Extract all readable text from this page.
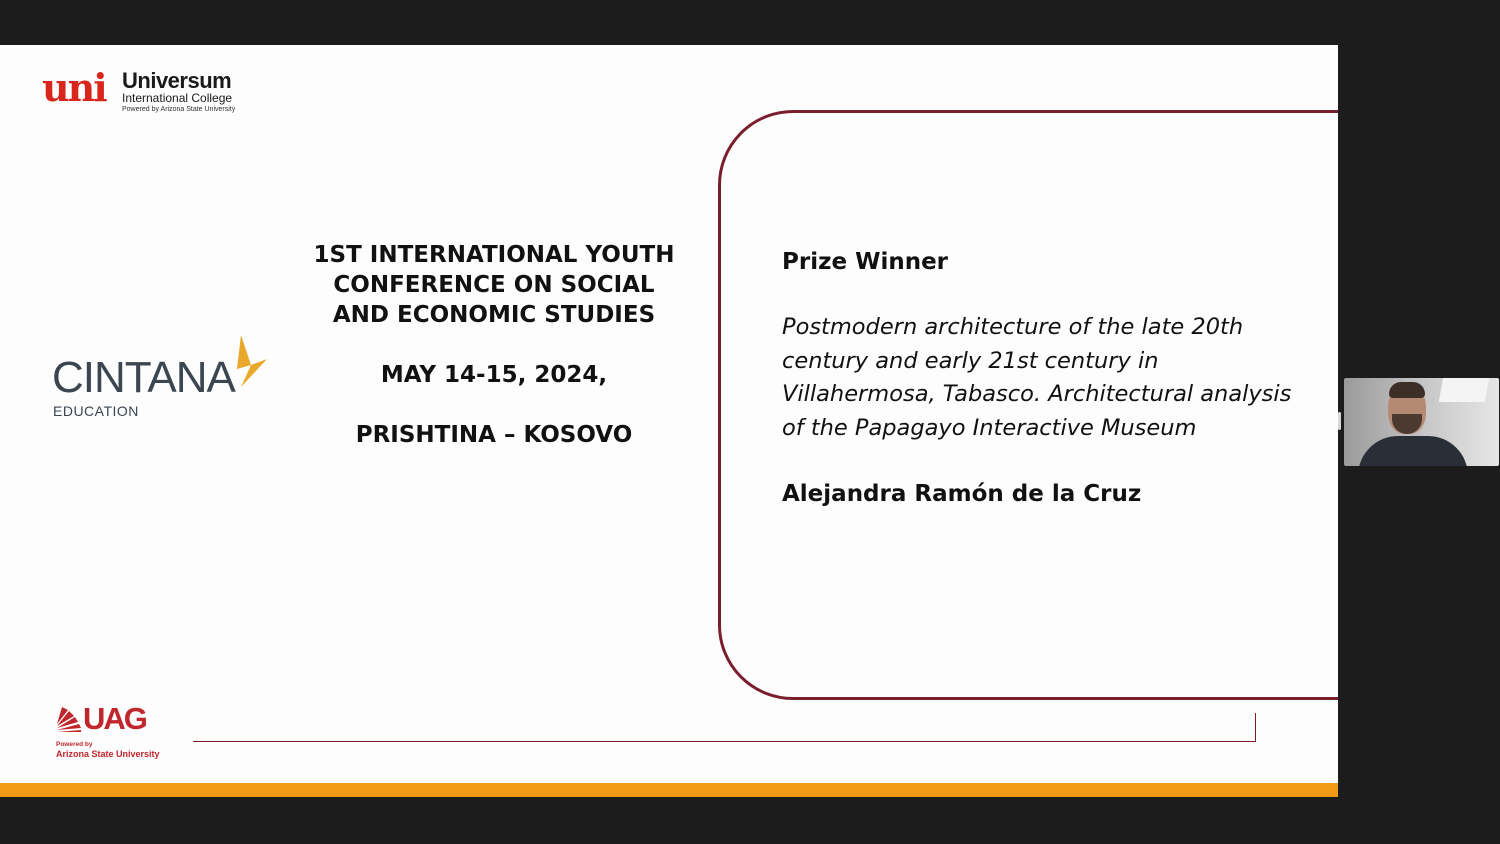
uni Universum
International College
Powered by Arizona State University
CINTANA
EDUCATION

1ST INTERNATIONAL YOUTH CONFERENCE ON SOCIAL AND ECONOMIC STUDIES

MAY 14-15, 2024,

PRISHTINA – KOSOVO

Prize Winner

Postmodern architecture of the late 20th century and early 21st century in Villahermosa, Tabasco. Architectural analysis of the Papagayo Interactive Museum

Alejandra Ramón de la Cruz

UAG
Powered by
Arizona State University
